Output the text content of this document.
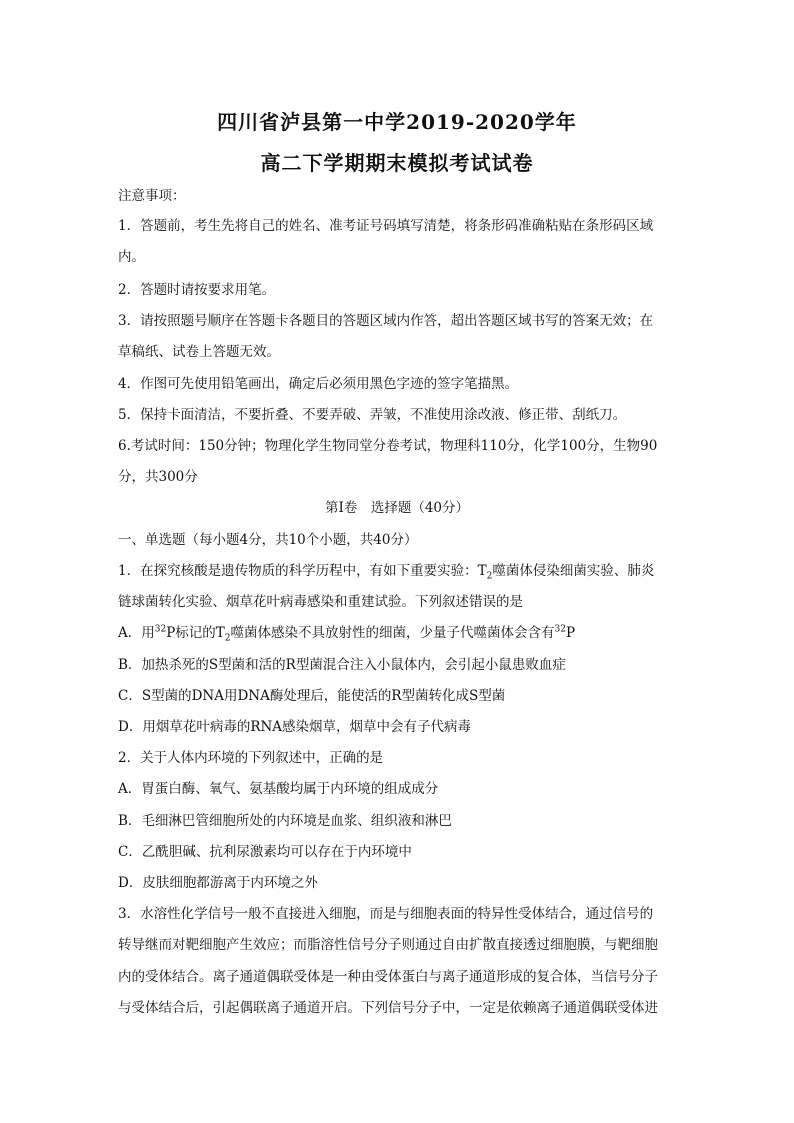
四川省泸县第一中学2019-2020学年
高二下学期期末模拟考试试卷
注意事项：
1．答题前，考生先将自己的姓名、准考证号码填写清楚，将条形码准确粘贴在条形码区域
内。
2．答题时请按要求用笔。
3．请按照题号顺序在答题卡各题目的答题区域内作答，超出答题区域书写的答案无效；在
草稿纸、试卷上答题无效。
4．作图可先使用铅笔画出，确定后必须用黑色字迹的签字笔描黑。
5．保持卡面清洁，不要折叠、不要弄破、弄皱，不准使用涂改液、修正带、刮纸刀。
6.考试时间：150分钟；物理化学生物同堂分卷考试，物理科110分，化学100分，生物90
分，共300分
第I卷　选择题（40分）
一、单选题（每小题4分，共10个小题，共40分）
1．在探究核酸是遗传物质的科学历程中，有如下重要实验：$T_2$噬菌体侵染细菌实验、肺炎
链球菌转化实验、烟草花叶病毒感染和重建试验。下列叙述错误的是
A．用$^{32}$P标记的$T_2$噬菌体感染不具放射性的细菌，少量子代噬菌体会含有$^{32}$P
B．加热杀死的S型菌和活的R型菌混合注入小鼠体内，会引起小鼠患败血症
C．S型菌的DNA用DNA酶处理后，能使活的R型菌转化成S型菌
D．用烟草花叶病毒的RNA感染烟草，烟草中会有子代病毒
2．关于人体内环境的下列叙述中，正确的是
A．胃蛋白酶、氧气、氨基酸均属于内环境的组成成分
B．毛细淋巴管细胞所处的内环境是血浆、组织液和淋巴
C．乙酰胆碱、抗利尿激素均可以存在于内环境中
D．皮肤细胞都游离于内环境之外
3．水溶性化学信号一般不直接进入细胞，而是与细胞表面的特异性受体结合，通过信号的
转导继而对靶细胞产生效应；而脂溶性信号分子则通过自由扩散直接透过细胞膜，与靶细胞
内的受体结合。离子通道偶联受体是一种由受体蛋白与离子通道形成的复合体，当信号分子
与受体结合后，引起偶联离子通道开启。下列信号分子中，一定是依赖离子通道偶联受体进
